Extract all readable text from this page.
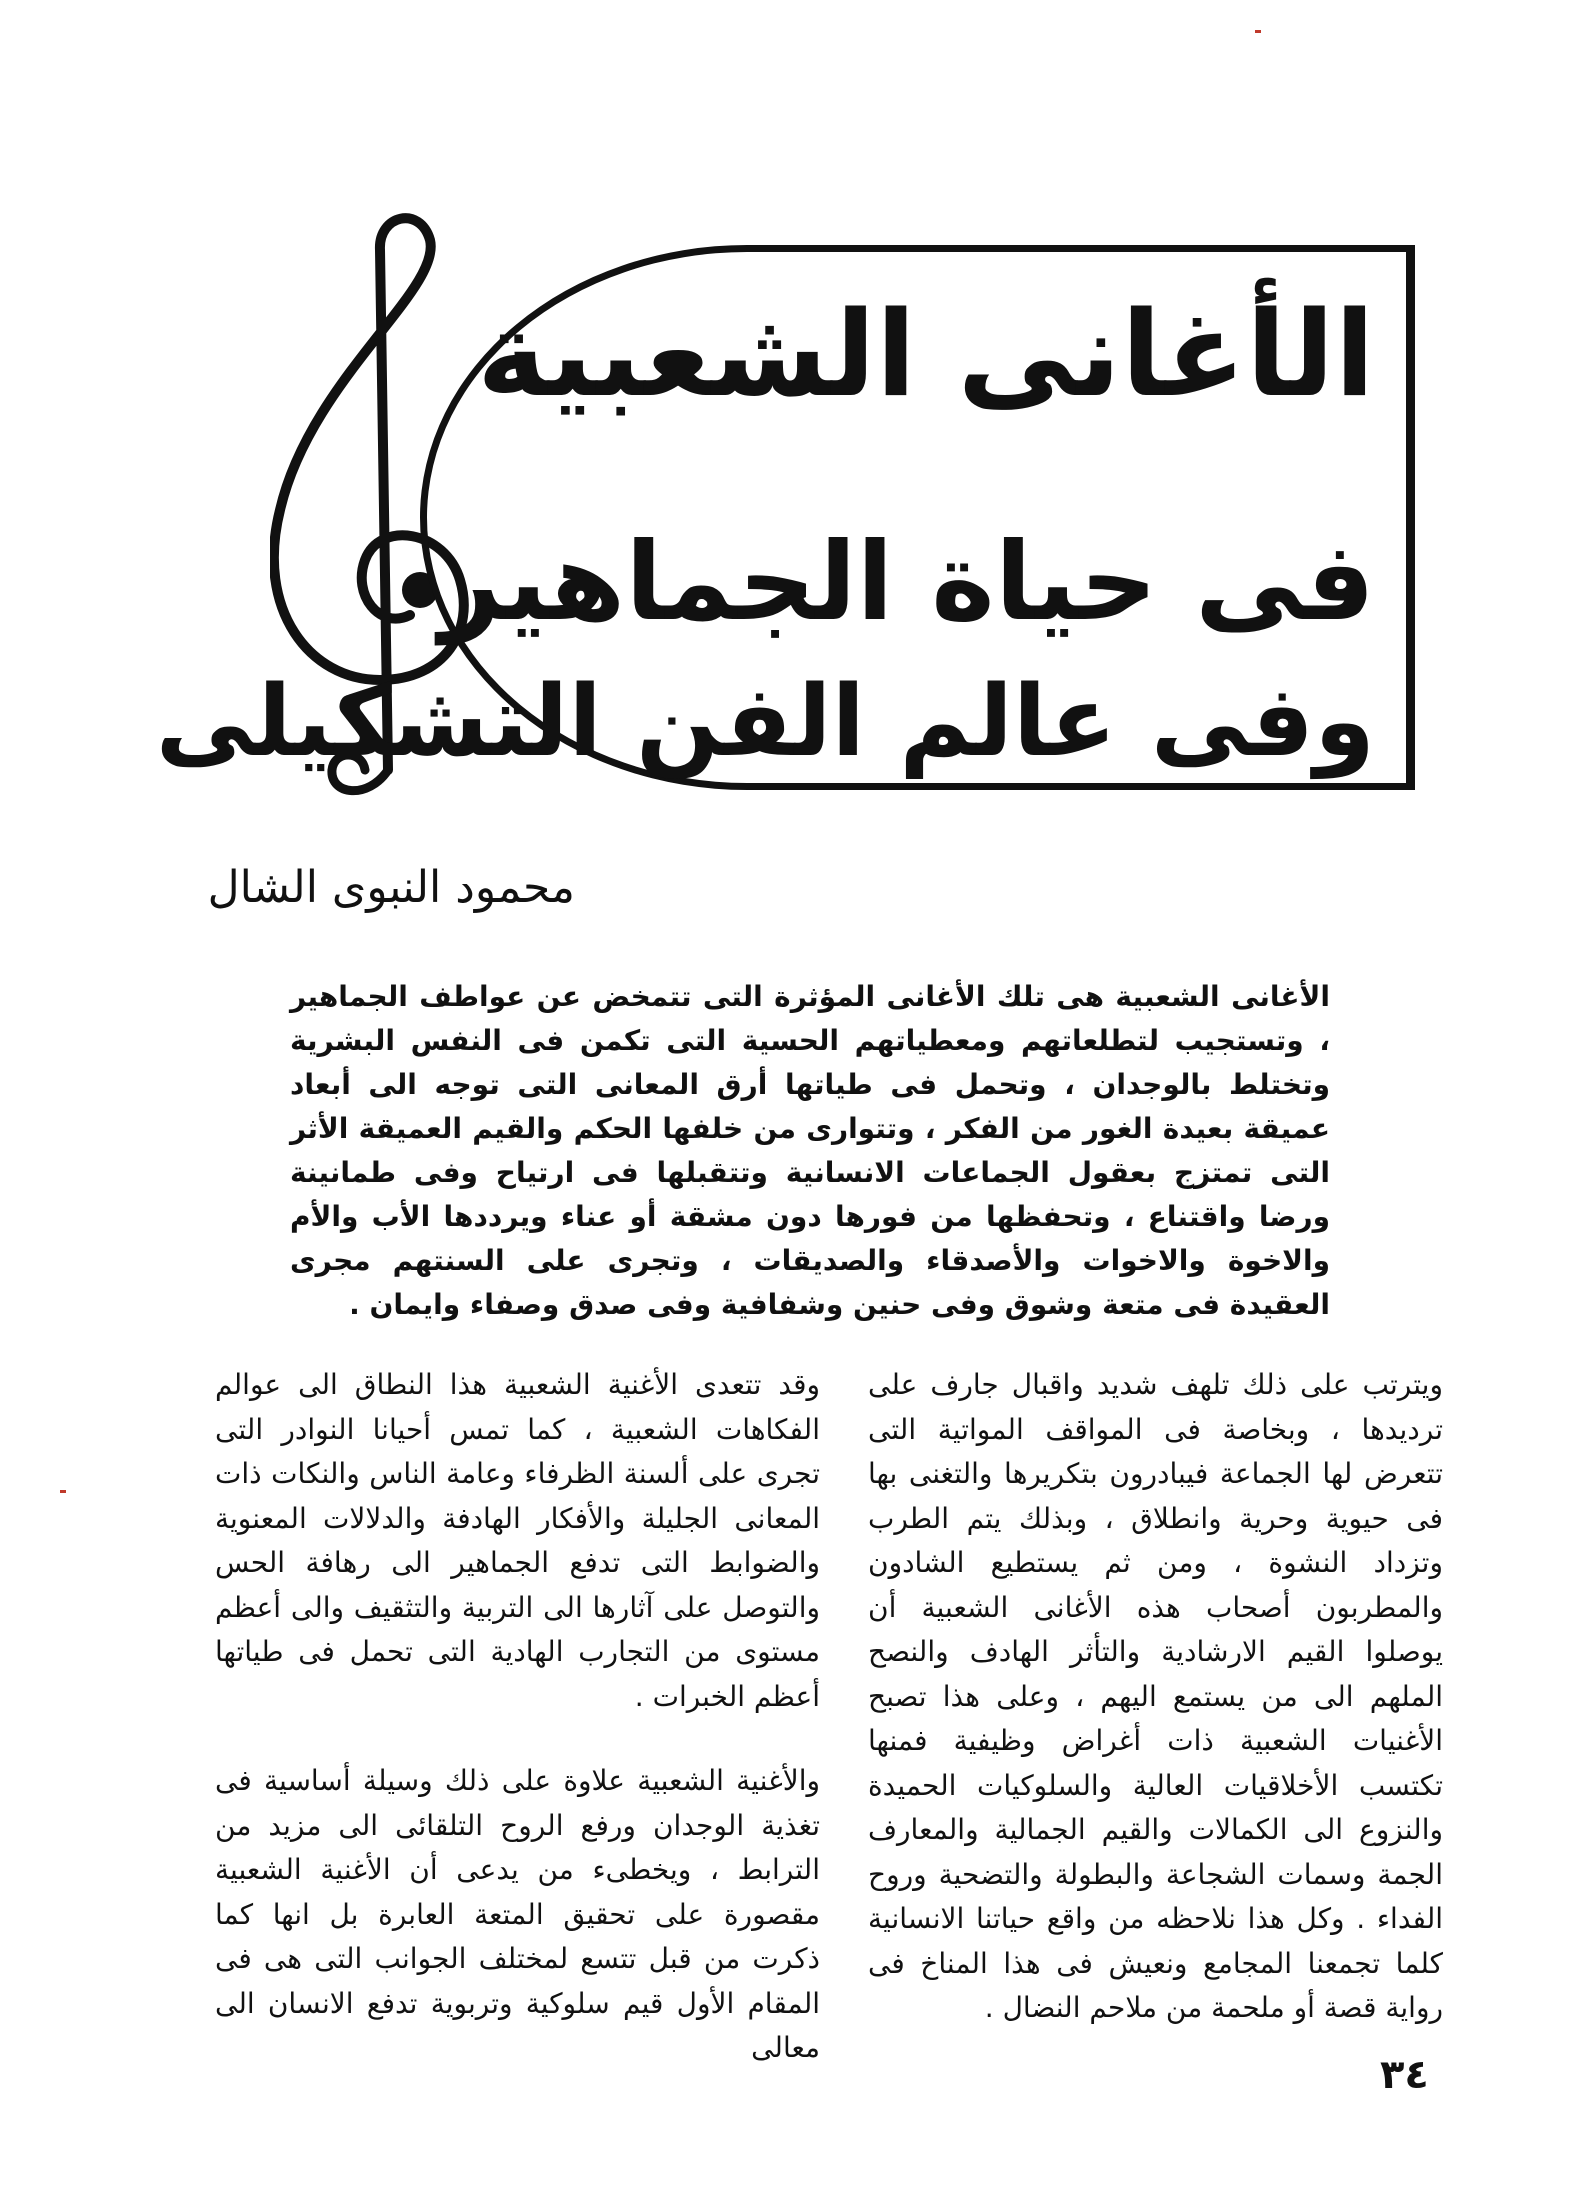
الأغانى الشعبية
فى حياة الجماهير
وفى عالم الفن التشكيلى
محمود النبوى الشال
الأغانى الشعبية هى تلك الأغانى المؤثرة التى تتمخض عن عواطف الجماهير ، وتستجيب لتطلعاتهم ومعطياتهم الحسية التى تكمن فى النفس البشرية وتختلط بالوجدان ، وتحمل فى طياتها أرق المعانى التى توجه الى أبعاد عميقة بعيدة الغور من الفكر ، وتتوارى من خلفها الحكم والقيم العميقة الأثر التى تمتزج بعقول الجماعات الانسانية وتتقبلها فى ارتياح وفى طمانينة ورضا واقتناع ، وتحفظها من فورها دون مشقة أو عناء ويرددها الأب والأم والاخوة والاخوات والأصدقاء والصديقات ، وتجرى على السنتهم مجرى العقيدة فى متعة وشوق وفى حنين وشفافية وفى صدق وصفاء وايمان .

ويترتب على ذلك تلهف شديد واقبال جارف على ترديدها ، وبخاصة فى المواقف المواتية التى تتعرض لها الجماعة فيبادرون بتكريرها والتغنى بها فى حيوية وحرية وانطلاق ، وبذلك يتم الطرب وتزداد النشوة ، ومن ثم يستطيع الشادون والمطربون أصحاب هذه الأغانى الشعبية أن يوصلوا القيم الارشادية والتأثر الهادف والنصح الملهم الى من يستمع اليهم ، وعلى هذا تصبح الأغنيات الشعبية ذات أغراض وظيفية فمنها تكتسب الأخلاقيات العالية والسلوكيات الحميدة والنزوع الى الكمالات والقيم الجمالية والمعارف الجمة وسمات الشجاعة والبطولة والتضحية وروح الفداء . وكل هذا نلاحظه من واقع حياتنا الانسانية كلما تجمعنا المجامع ونعيش فى هذا المناخ فى رواية قصة أو ملحمة من ملاحم النضال .

وقد تتعدى الأغنية الشعبية هذا النطاق الى عوالم الفكاهات الشعبية ، كما تمس أحيانا النوادر التى تجرى على ألسنة الظرفاء وعامة الناس والنكات ذات المعانى الجليلة والأفكار الهادفة والدلالات المعنوية والضوابط التى تدفع الجماهير الى رهافة الحس والتوصل على آثارها الى التربية والتثقيف والى أعظم مستوى من التجارب الهادية التى تحمل فى طياتها أعظم الخبرات .

والأغنية الشعبية علاوة على ذلك وسيلة أساسية فى تغذية الوجدان ورفع الروح التلقائى الى مزيد من الترابط ، ويخطىء من يدعى أن الأغنية الشعبية مقصورة على تحقيق المتعة العابرة بل انها كما ذكرت من قبل تتسع لمختلف الجوانب التى هى فى المقام الأول قيم سلوكية وتربوية تدفع الانسان الى معالى

٣٤
